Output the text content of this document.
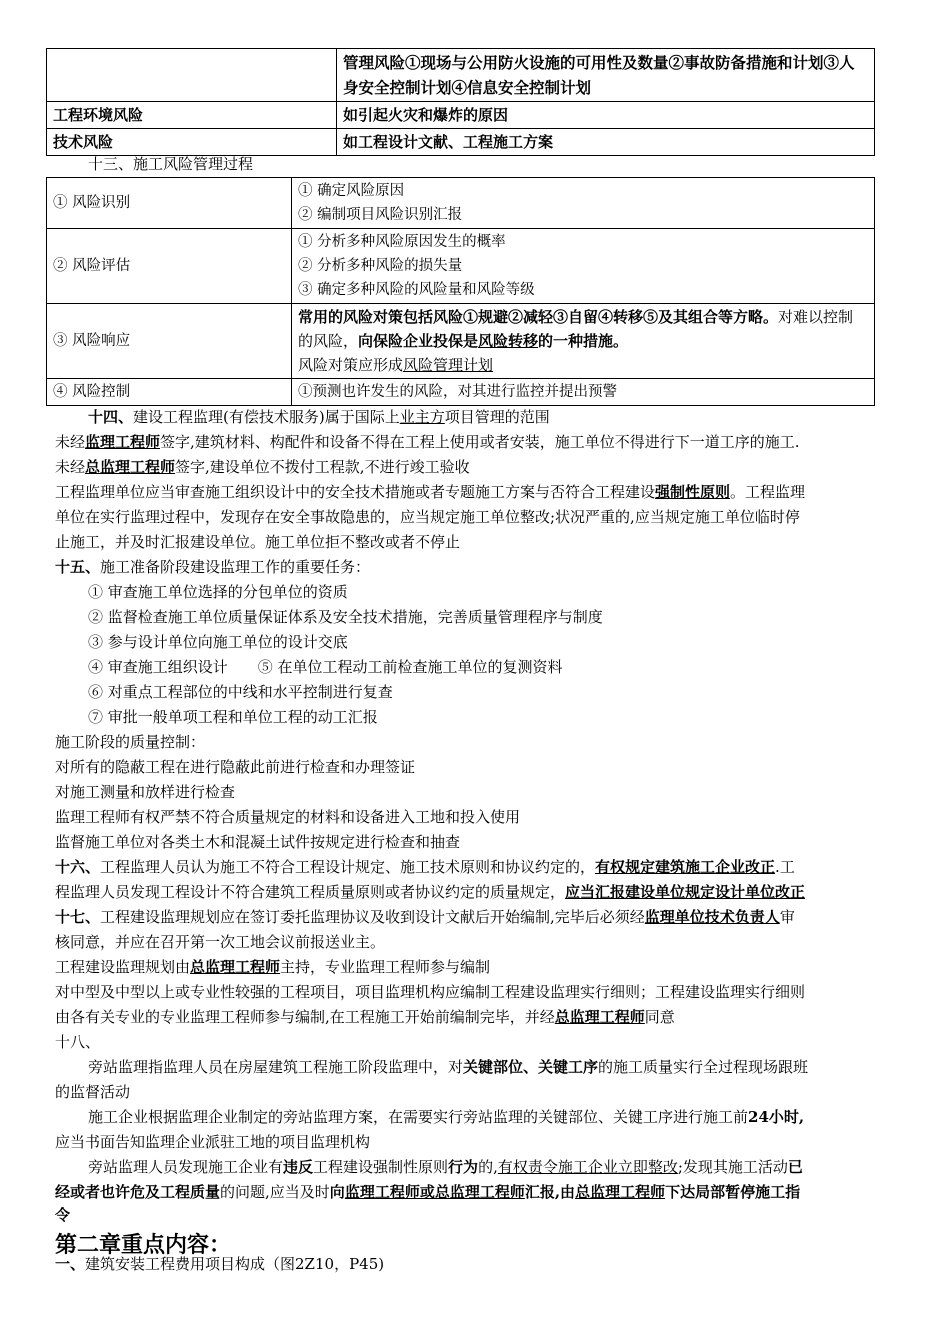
	管理风险①现场与公用防火设施的可用性及数量②事故防备措施和计划③人身安全控制计划④信息安全控制计划
工程环境风险	如引起火灾和爆炸的原因
技术风险	如工程设计文献、工程施工方案
十三、施工风险管理过程
① 风险识别	① 确定风险原因
② 编制项目风险识别汇报

② 风险评估	① 分析多种风险原因发生的概率
② 分析多种风险的损失量
③ 确定多种风险的风险量和风险等级

③ 风险响应	常用的风险对策包括风险①规避②减轻③自留④转移⑤及其组合等方略。对难以控制的风险，向保险企业投保是风险转移的一种措施。
风险对策应形成风险管理计划

④ 风险控制	①预测也许发生的风险，对其进行监控并提出预警
十四、建设工程监理(有偿技术服务)属于国际上业主方项目管理的范围
未经监理工程师签字,建筑材料、构配件和设备不得在工程上使用或者安装，施工单位不得进行下一道工序的施工.
未经总监理工程师签字,建设单位不拨付工程款,不进行竣工验收
工程监理单位应当审查施工组织设计中的安全技术措施或者专题施工方案与否符合工程建设强制性原则。工程监理
单位在实行监理过程中，发现存在安全事故隐患的，应当规定施工单位整改;状况严重的,应当规定施工单位临时停
止施工，并及时汇报建设单位。施工单位拒不整改或者不停止
十五、施工准备阶段建设监理工作的重要任务：
① 审查施工单位选择的分包单位的资质
② 监督检查施工单位质量保证体系及安全技术措施，完善质量管理程序与制度
③ 参与设计单位向施工单位的设计交底
④ 审查施工组织设计　　⑤ 在单位工程动工前检查施工单位的复测资料
⑥ 对重点工程部位的中线和水平控制进行复查
⑦ 审批一般单项工程和单位工程的动工汇报
施工阶段的质量控制：
对所有的隐蔽工程在进行隐蔽此前进行检查和办理签证
对施工测量和放样进行检查
监理工程师有权严禁不符合质量规定的材料和设备进入工地和投入使用
监督施工单位对各类土木和混凝土试件按规定进行检查和抽查
十六、工程监理人员认为施工不符合工程设计规定、施工技术原则和协议约定的，有权规定建筑施工企业改正.工
程监理人员发现工程设计不符合建筑工程质量原则或者协议约定的质量规定，应当汇报建设单位规定设计单位改正
十七、工程建设监理规划应在签订委托监理协议及收到设计文献后开始编制,完毕后必须经监理单位技术负责人审
核同意，并应在召开第一次工地会议前报送业主。
工程建设监理规划由总监理工程师主持，专业监理工程师参与编制
对中型及中型以上或专业性较强的工程项目，项目监理机构应编制工程建设监理实行细则；工程建设监理实行细则
由各有关专业的专业监理工程师参与编制,在工程施工开始前编制完毕，并经总监理工程师同意
十八、
旁站监理指监理人员在房屋建筑工程施工阶段监理中，对关键部位、关键工序的施工质量实行全过程现场跟班
的监督活动
施工企业根据监理企业制定的旁站监理方案，在需要实行旁站监理的关键部位、关键工序进行施工前24小时,
应当书面告知监理企业派驻工地的项目监理机构
旁站监理人员发现施工企业有违反工程建设强制性原则行为的,有权责令施工企业立即整改;发现其施工活动已
经或者也许危及工程质量的问题,应当及时向监理工程师或总监理工程师汇报,由总监理工程师下达局部暂停施工指
令
第二章重点内容：
一、建筑安装工程费用项目构成（图2Z10，P45)
